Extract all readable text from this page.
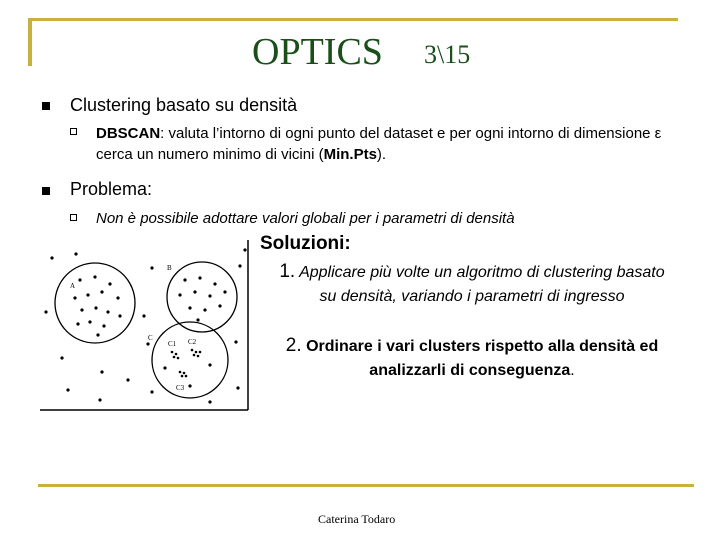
OPTICS 3\15
Clustering basato su densità
DBSCAN: valuta l’intorno di ogni punto del dataset e per ogni intorno di dimensione ε cerca un numero minimo di vicini (Min.Pts).
Problema:
Non è possibile adottare valori globali per i parametri di densità
A
B
C
C1 C2
C3
Soluzioni:
1. Applicare più volte un algoritmo di clustering basato su densità, variando i parametri di ingresso
2. Ordinare i vari clusters rispetto alla densità ed analizzarli di conseguenza.
Caterina Todaro
